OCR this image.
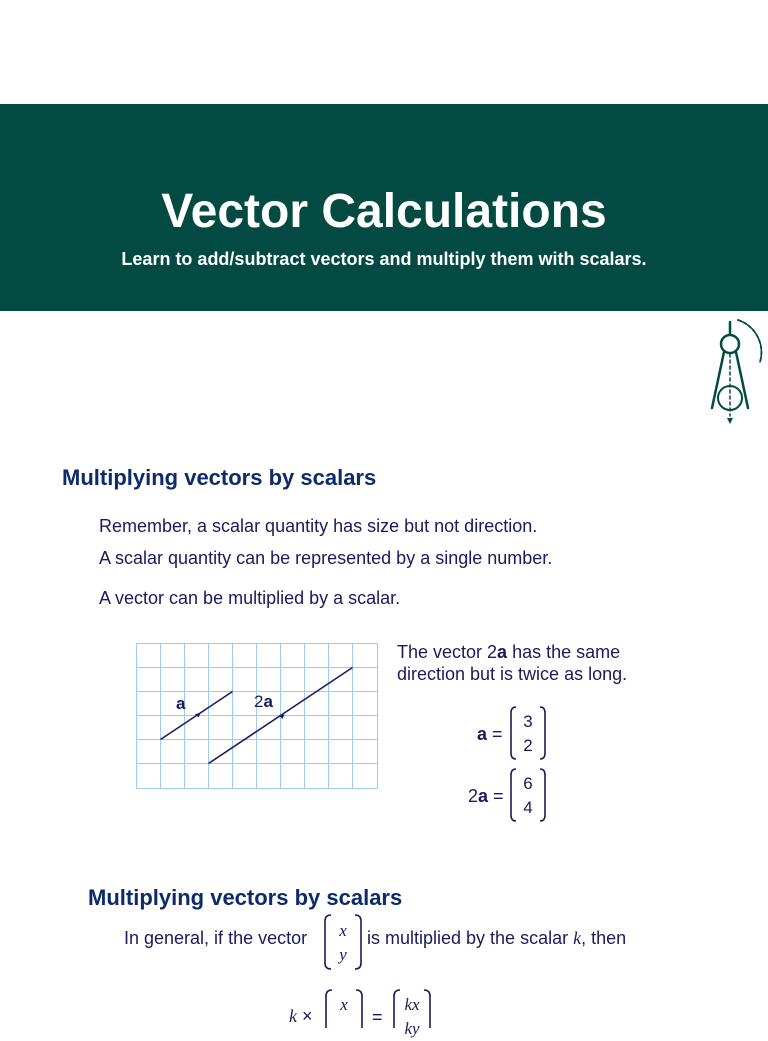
Vector Calculations
Learn to add/subtract vectors and multiply them with scalars.
Multiplying vectors by scalars
Remember, a scalar quantity has size but not direction.
A scalar quantity can be represented by a single number.
A vector can be multiplied by a scalar.
a	2a
The vector 2a has the same
direction but is twice as long.
a =
3
2
2a =
6
4
Multiplying vectors by scalars
In general, if the vector x
y
is multiplied by the scalar k, then
k ×
x
=
kx
ky
